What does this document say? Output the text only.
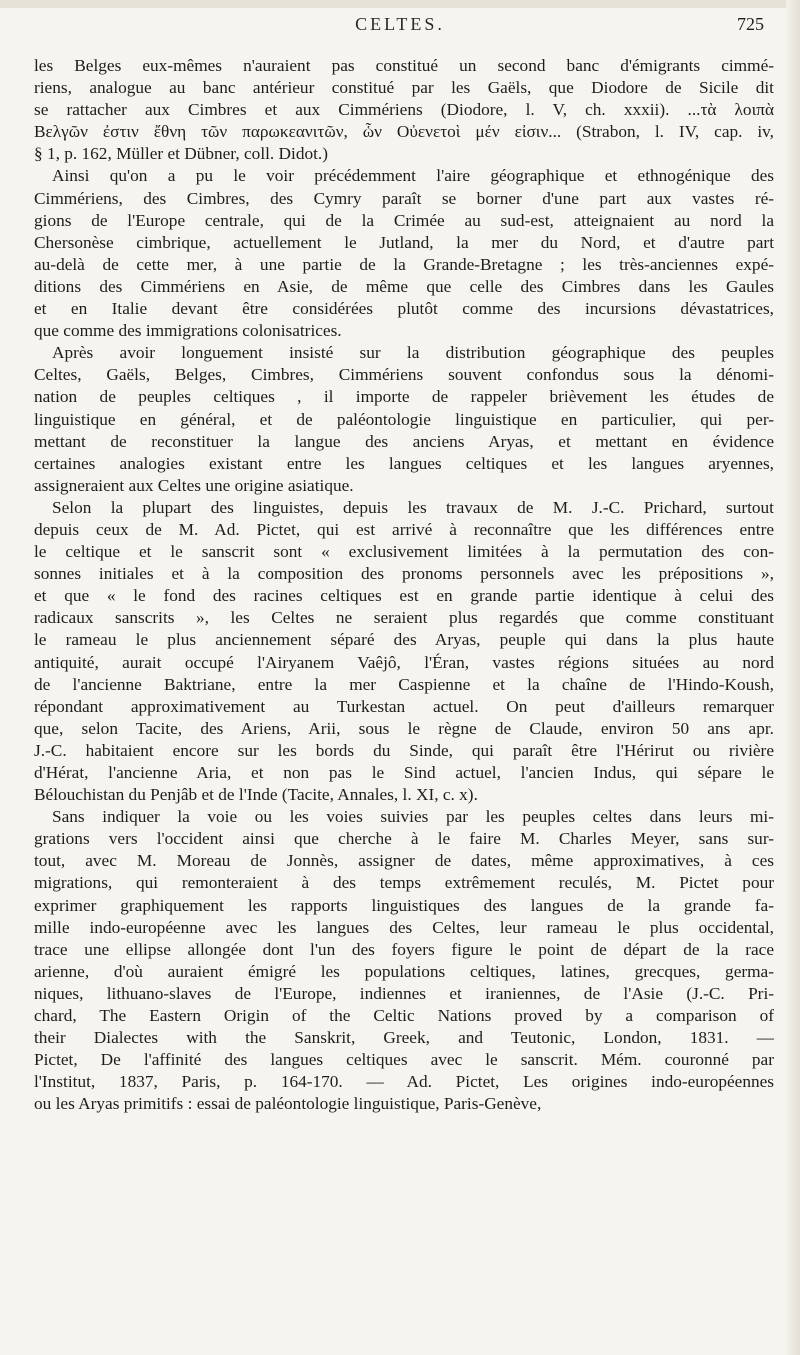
CELTES.	725
les Belges eux-mêmes n'auraient pas constitué un second banc d'émigrants cimmé-
riens, analogue au banc antérieur constitué par les Gaëls, que Diodore de Sicile dit
se rattacher aux Cimbres et aux Cimmériens (Diodore, l. V, ch. xxxii). ...τὰ λοιπὰ
Βελγῶν ἐστιν ἔθνη τῶν παρωκεανιτῶν, ὧν Οὐενετοὶ μέν εἰσιν... (Strabon, l. IV, cap. iv,
§ 1, p. 162, Müller et Dübner, coll. Didot.)
Ainsi qu'on a pu le voir précédemment l'aire géographique et ethnogénique des
Cimmériens, des Cimbres, des Cymry paraît se borner d'une part aux vastes ré-
gions de l'Europe centrale, qui de la Crimée au sud-est, atteignaient au nord la
Chersonèse cimbrique, actuellement le Jutland, la mer du Nord, et d'autre part
au-delà de cette mer, à une partie de la Grande-Bretagne ; les très-anciennes expé-
ditions des Cimmériens en Asie, de même que celle des Cimbres dans les Gaules
et en Italie devant être considérées plutôt comme des incursions dévastatrices,
que comme des immigrations colonisatrices.
Après avoir longuement insisté sur la distribution géographique des peuples
Celtes, Gaëls, Belges, Cimbres, Cimmériens souvent confondus sous la dénomi-
nation de peuples celtiques , il importe de rappeler brièvement les études de
linguistique en général, et de paléontologie linguistique en particulier, qui per-
mettant de reconstituer la langue des anciens Aryas, et mettant en évidence
certaines analogies existant entre les langues celtiques et les langues aryennes,
assigneraient aux Celtes une origine asiatique.
Selon la plupart des linguistes, depuis les travaux de M. J.-C. Prichard, surtout
depuis ceux de M. Ad. Pictet, qui est arrivé à reconnaître que les différences entre
le celtique et le sanscrit sont « exclusivement limitées à la permutation des con-
sonnes initiales et à la composition des pronoms personnels avec les prépositions »,
et que « le fond des racines celtiques est en grande partie identique à celui des
radicaux sanscrits », les Celtes ne seraient plus regardés que comme constituant
le rameau le plus anciennement séparé des Aryas, peuple qui dans la plus haute
antiquité, aurait occupé l'Airyanem Vaêjô, l'Éran, vastes régions situées au nord
de l'ancienne Baktriane, entre la mer Caspienne et la chaîne de l'Hindo-Koush,
répondant approximativement au Turkestan actuel. On peut d'ailleurs remarquer
que, selon Tacite, des Ariens, Arii, sous le règne de Claude, environ 50 ans apr.
J.-C. habitaient encore sur les bords du Sinde, qui paraît être l'Hérirut ou rivière
d'Hérat, l'ancienne Aria, et non pas le Sind actuel, l'ancien Indus, qui sépare le
Bélouchistan du Penjâb et de l'Inde (Tacite, Annales, l. XI, c. x).
Sans indiquer la voie ou les voies suivies par les peuples celtes dans leurs mi-
grations vers l'occident ainsi que cherche à le faire M. Charles Meyer, sans sur-
tout, avec M. Moreau de Jonnès, assigner de dates, même approximatives, à ces
migrations, qui remonteraient à des temps extrêmement reculés, M. Pictet pour
exprimer graphiquement les rapports linguistiques des langues de la grande fa-
mille indo-européenne avec les langues des Celtes, leur rameau le plus occidental,
trace une ellipse allongée dont l'un des foyers figure le point de départ de la race
arienne, d'où auraient émigré les populations celtiques, latines, grecques, germa-
niques, lithuano-slaves de l'Europe, indiennes et iraniennes, de l'Asie (J.-C. Pri-
chard, The Eastern Origin of the Celtic Nations proved by a comparison of
their Dialectes with the Sanskrit, Greek, and Teutonic, London, 1831. —
Pictet, De l'affinité des langues celtiques avec le sanscrit. Mém. couronné par
l'Institut, 1837, Paris, p. 164-170. — Ad. Pictet, Les origines indo-européennes
ou les Aryas primitifs : essai de paléontologie linguistique, Paris-Genève,
